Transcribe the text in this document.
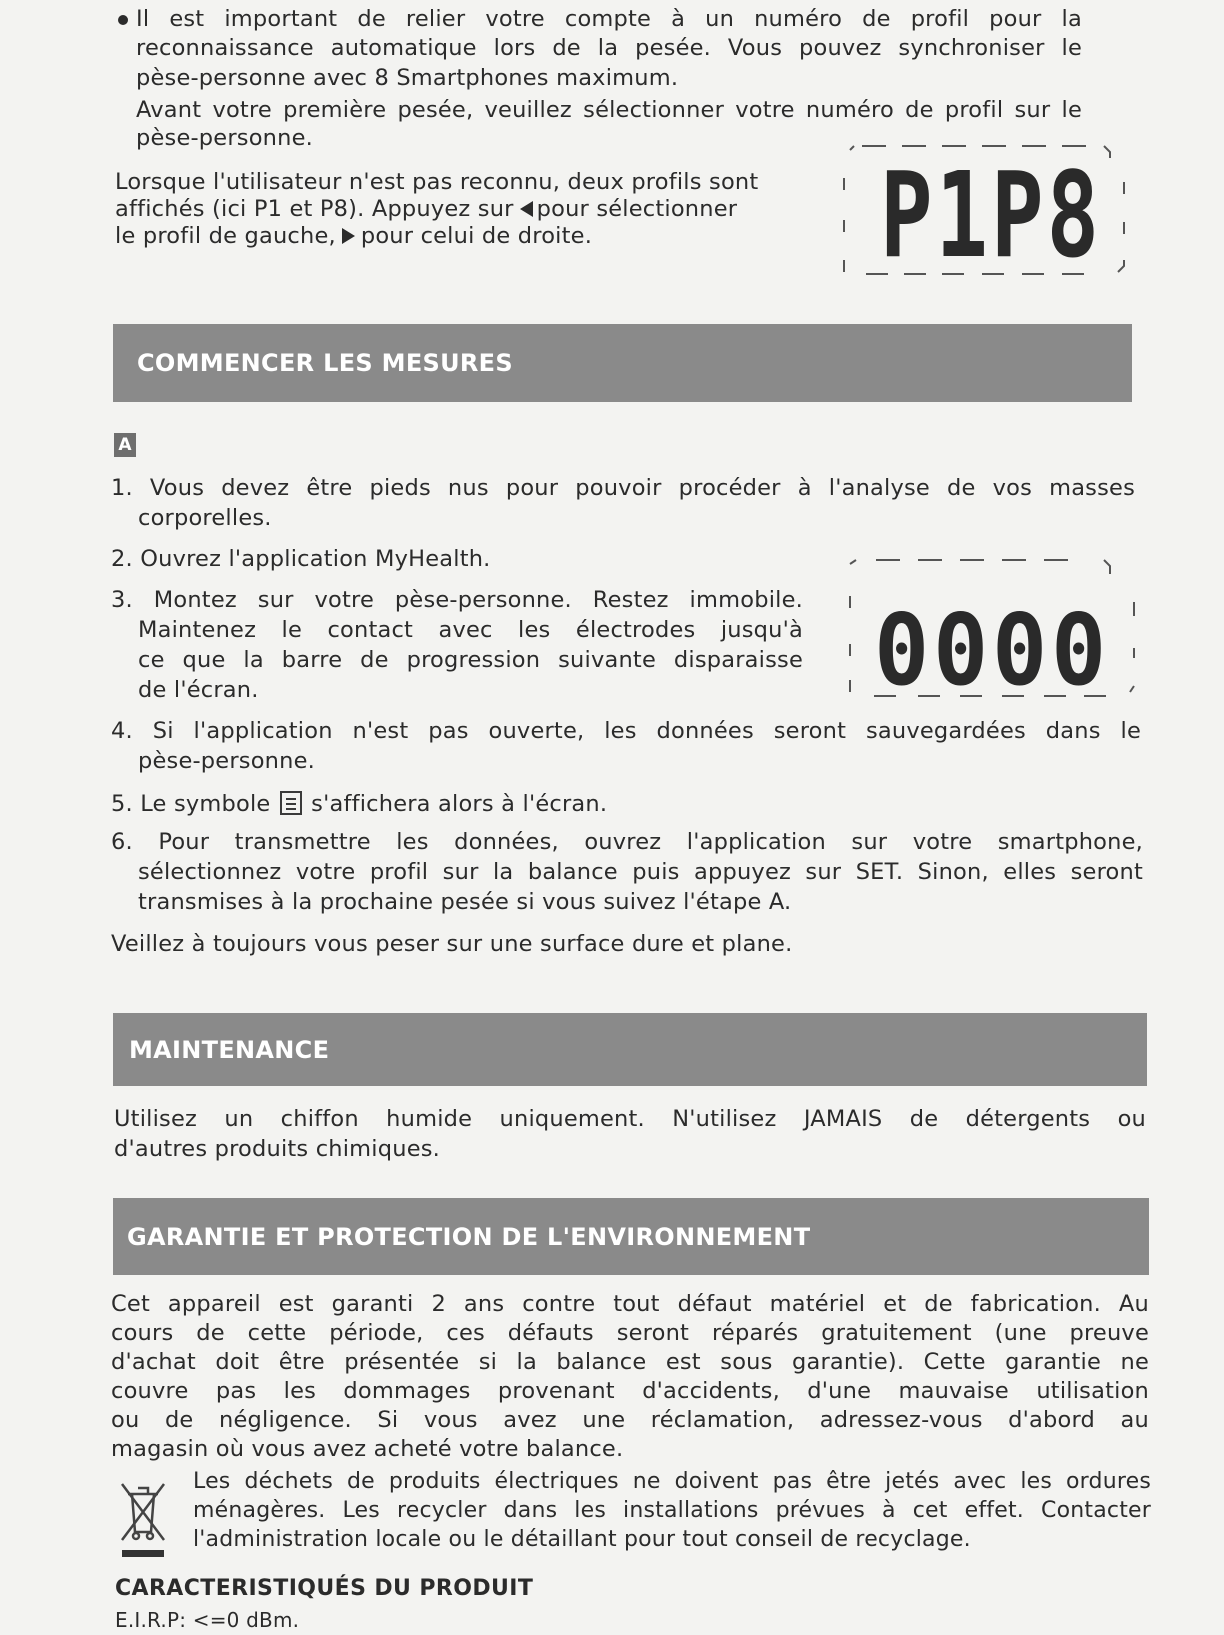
Il est important de relier votre compte à un numéro de profil pour la
reconnaissance automatique lors de la pesée. Vous pouvez synchroniser le
pèse-personne avec 8 Smartphones maximum.
Avant votre première pesée, veuillez sélectionner votre numéro de profil sur le
pèse-personne.
Lorsque l'utilisateur n'est pas reconnu, deux profils sont
affichés (ici P1 et P8). Appuyez sur pour sélectionner
le profil de gauche, pour celui de droite. P1P8
COMMENCER LES MESURES
A
1. Vous devez être pieds nus pour pouvoir procéder à l'analyse de vos masses
corporelles.
2. Ouvrez l'application MyHealth.
3. Montez sur votre pèse-personne. Restez immobile.
Maintenez le contact avec les électrodes jusqu'à
ce que la barre de progression suivante disparaisse
de l'écran.	0000
4. Si l'application n'est pas ouverte, les données seront sauvegardées dans le
pèse-personne.
5. Le symbole s'affichera alors à l'écran.
6. Pour transmettre les données, ouvrez l'application sur votre smartphone,
sélectionnez votre profil sur la balance puis appuyez sur SET. Sinon, elles seront
transmises à la prochaine pesée si vous suivez l'étape A.
Veillez à toujours vous peser sur une surface dure et plane.
MAINTENANCE
Utilisez un chiffon humide uniquement. N'utilisez JAMAIS de détergents ou
d'autres produits chimiques.
GARANTIE ET PROTECTION DE L'ENVIRONNEMENT
Cet appareil est garanti 2 ans contre tout défaut matériel et de fabrication. Au
cours de cette période, ces défauts seront réparés gratuitement (une preuve
d'achat doit être présentée si la balance est sous garantie). Cette garantie ne
couvre pas les dommages provenant d'accidents, d'une mauvaise utilisation
ou de négligence. Si vous avez une réclamation, adressez-vous d'abord au
magasin où vous avez acheté votre balance.
Les déchets de produits électriques ne doivent pas être jetés avec les ordures
ménagères. Les recycler dans les installations prévues à cet effet. Contacter
l'administration locale ou le détaillant pour tout conseil de recyclage.
CARACTERISTIQUÉS DU PRODUIT
E.I.R.P: <=0 dBm.
